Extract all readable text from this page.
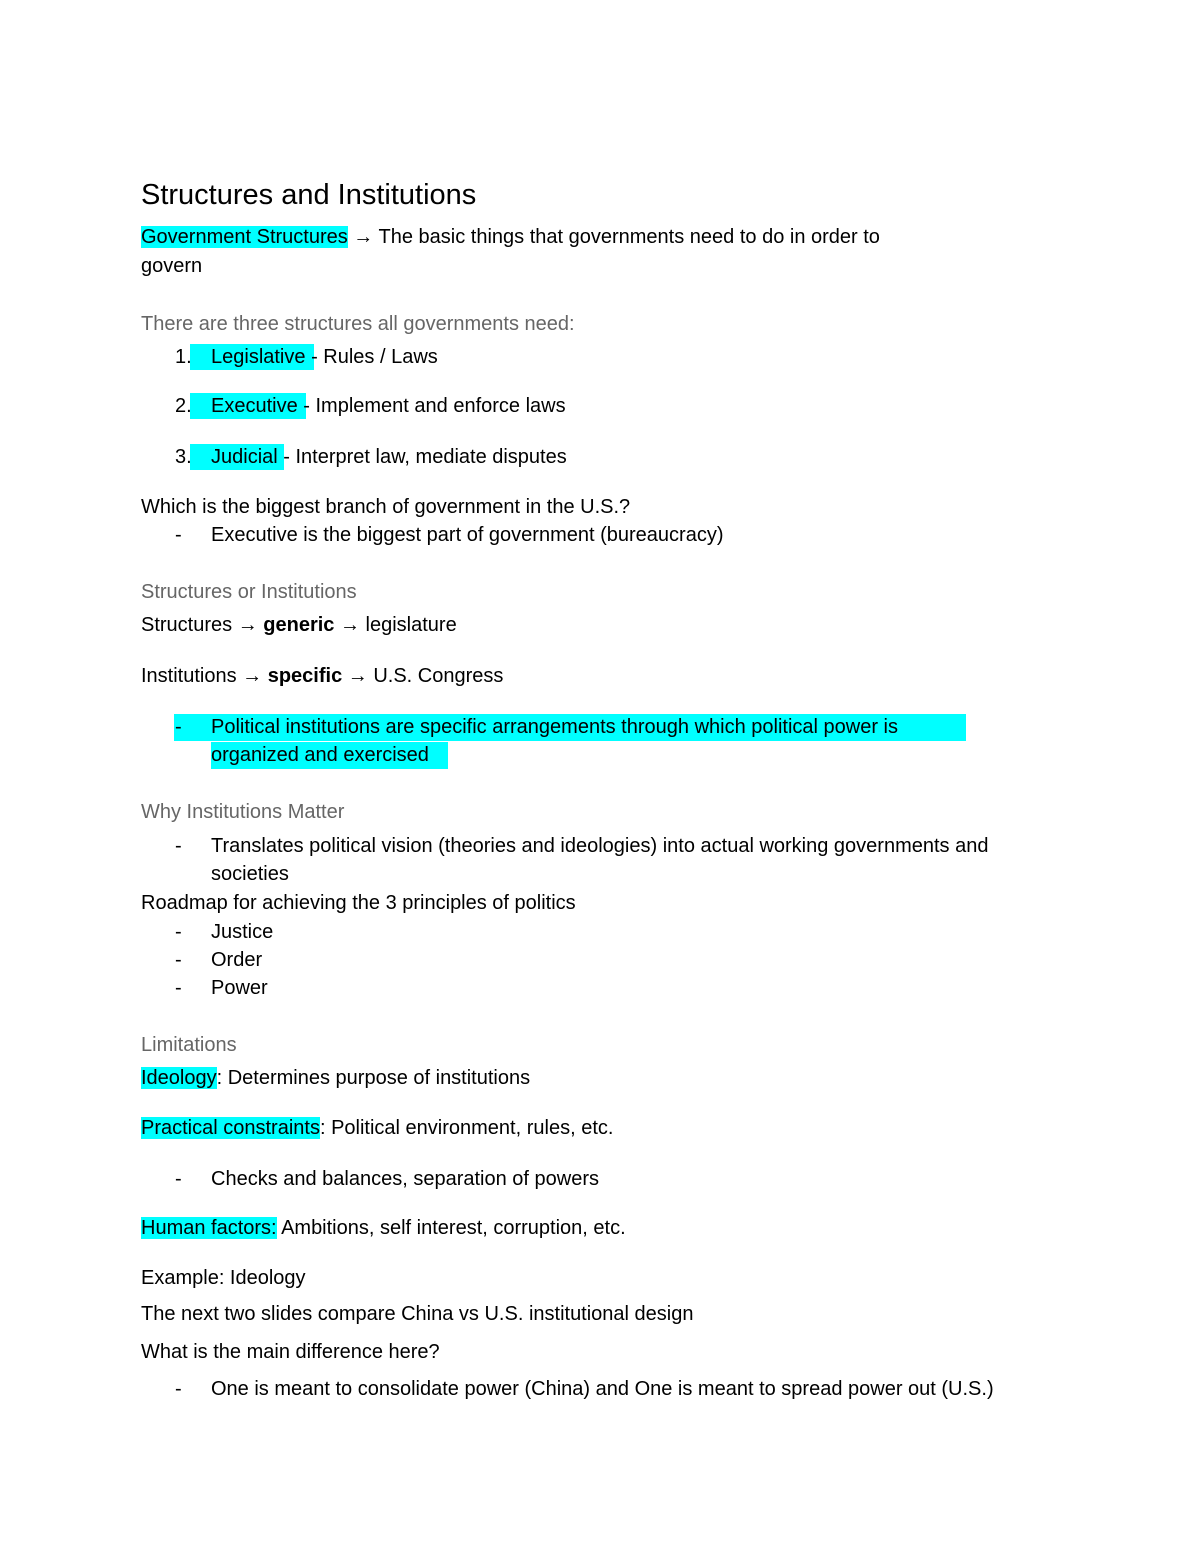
Structures and Institutions
Government Structures → The basic things that governments need to do in order to
govern
There are three structures all governments need:
1. Legislative - Rules / Laws
2. Executive - Implement and enforce laws
3. Judicial - Interpret law, mediate disputes
Which is the biggest branch of government in the U.S.?
- Executive is the biggest part of government (bureaucracy)
Structures or Institutions
Structures → generic → legislature
Institutions → specific → U.S. Congress
- Political institutions are specific arrangements through which political power is
organized and exercised
Why Institutions Matter
- Translates political vision (theories and ideologies) into actual working governments and societies
Roadmap for achieving the 3 principles of politics
- Justice
- Order
- Power
Limitations
Ideology: Determines purpose of institutions
Practical constraints: Political environment, rules, etc.
- Checks and balances, separation of powers
Human factors: Ambitions, self interest, corruption, etc.
Example: Ideology
The next two slides compare China vs U.S. institutional design
What is the main difference here?
- One is meant to consolidate power (China) and One is meant to spread power out (U.S.)
